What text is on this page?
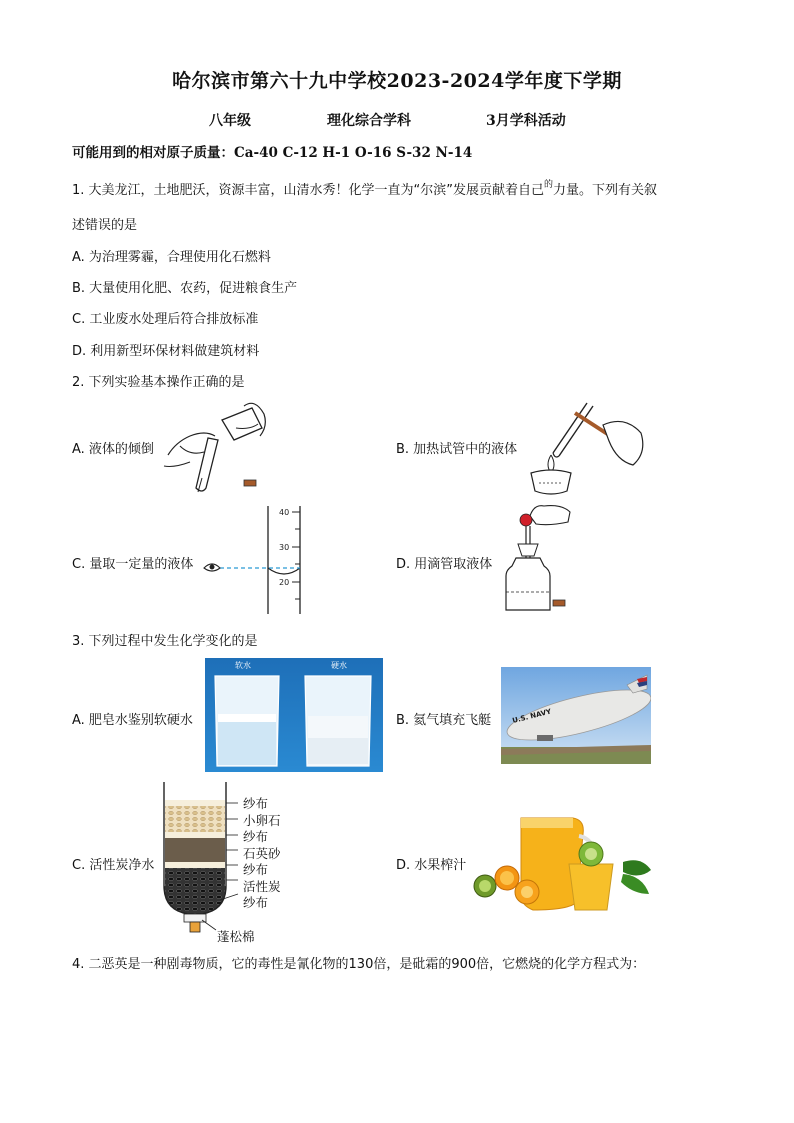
哈尔滨市第六十九中学校2023-2024学年度下学期
八年级	理化综合学科	3月学科活动
可能用到的相对原子质量：Ca-40 C-12 H-1 O-16 S-32 N-14
1. 大美龙江，土地肥沃，资源丰富，山清水秀！化学一直为“尔滨”发展贡献着自己$^的$力量。下列有关叙
述错误的是
A. 为治理雾霾，合理使用化石燃料
B. 大量使用化肥、农药，促进粮食生产
C. 工业废水处理后符合排放标准
D. 利用新型环保材料做建筑材料
2. 下列实验基本操作正确的是
A. 液体的倾倒	B. 加热试管中的液体
C. 量取一定量的液体	D. 用滴管取液体
40
30
20
3. 下列过程中发生化学变化的是
A. 肥皂水鉴别软硬水	B. 氦气填充飞艇
C. 活性炭净水	D. 水果榨汁
软水	硬水
U.S. NAVY
纱布
小卵石
纱布
石英砂
纱布
活性炭
纱布
蓬松棉
4. 二恶英是一种剧毒物质，它的毒性是氰化物的130倍，是砒霜的900倍，它燃烧的化学方程式为：
